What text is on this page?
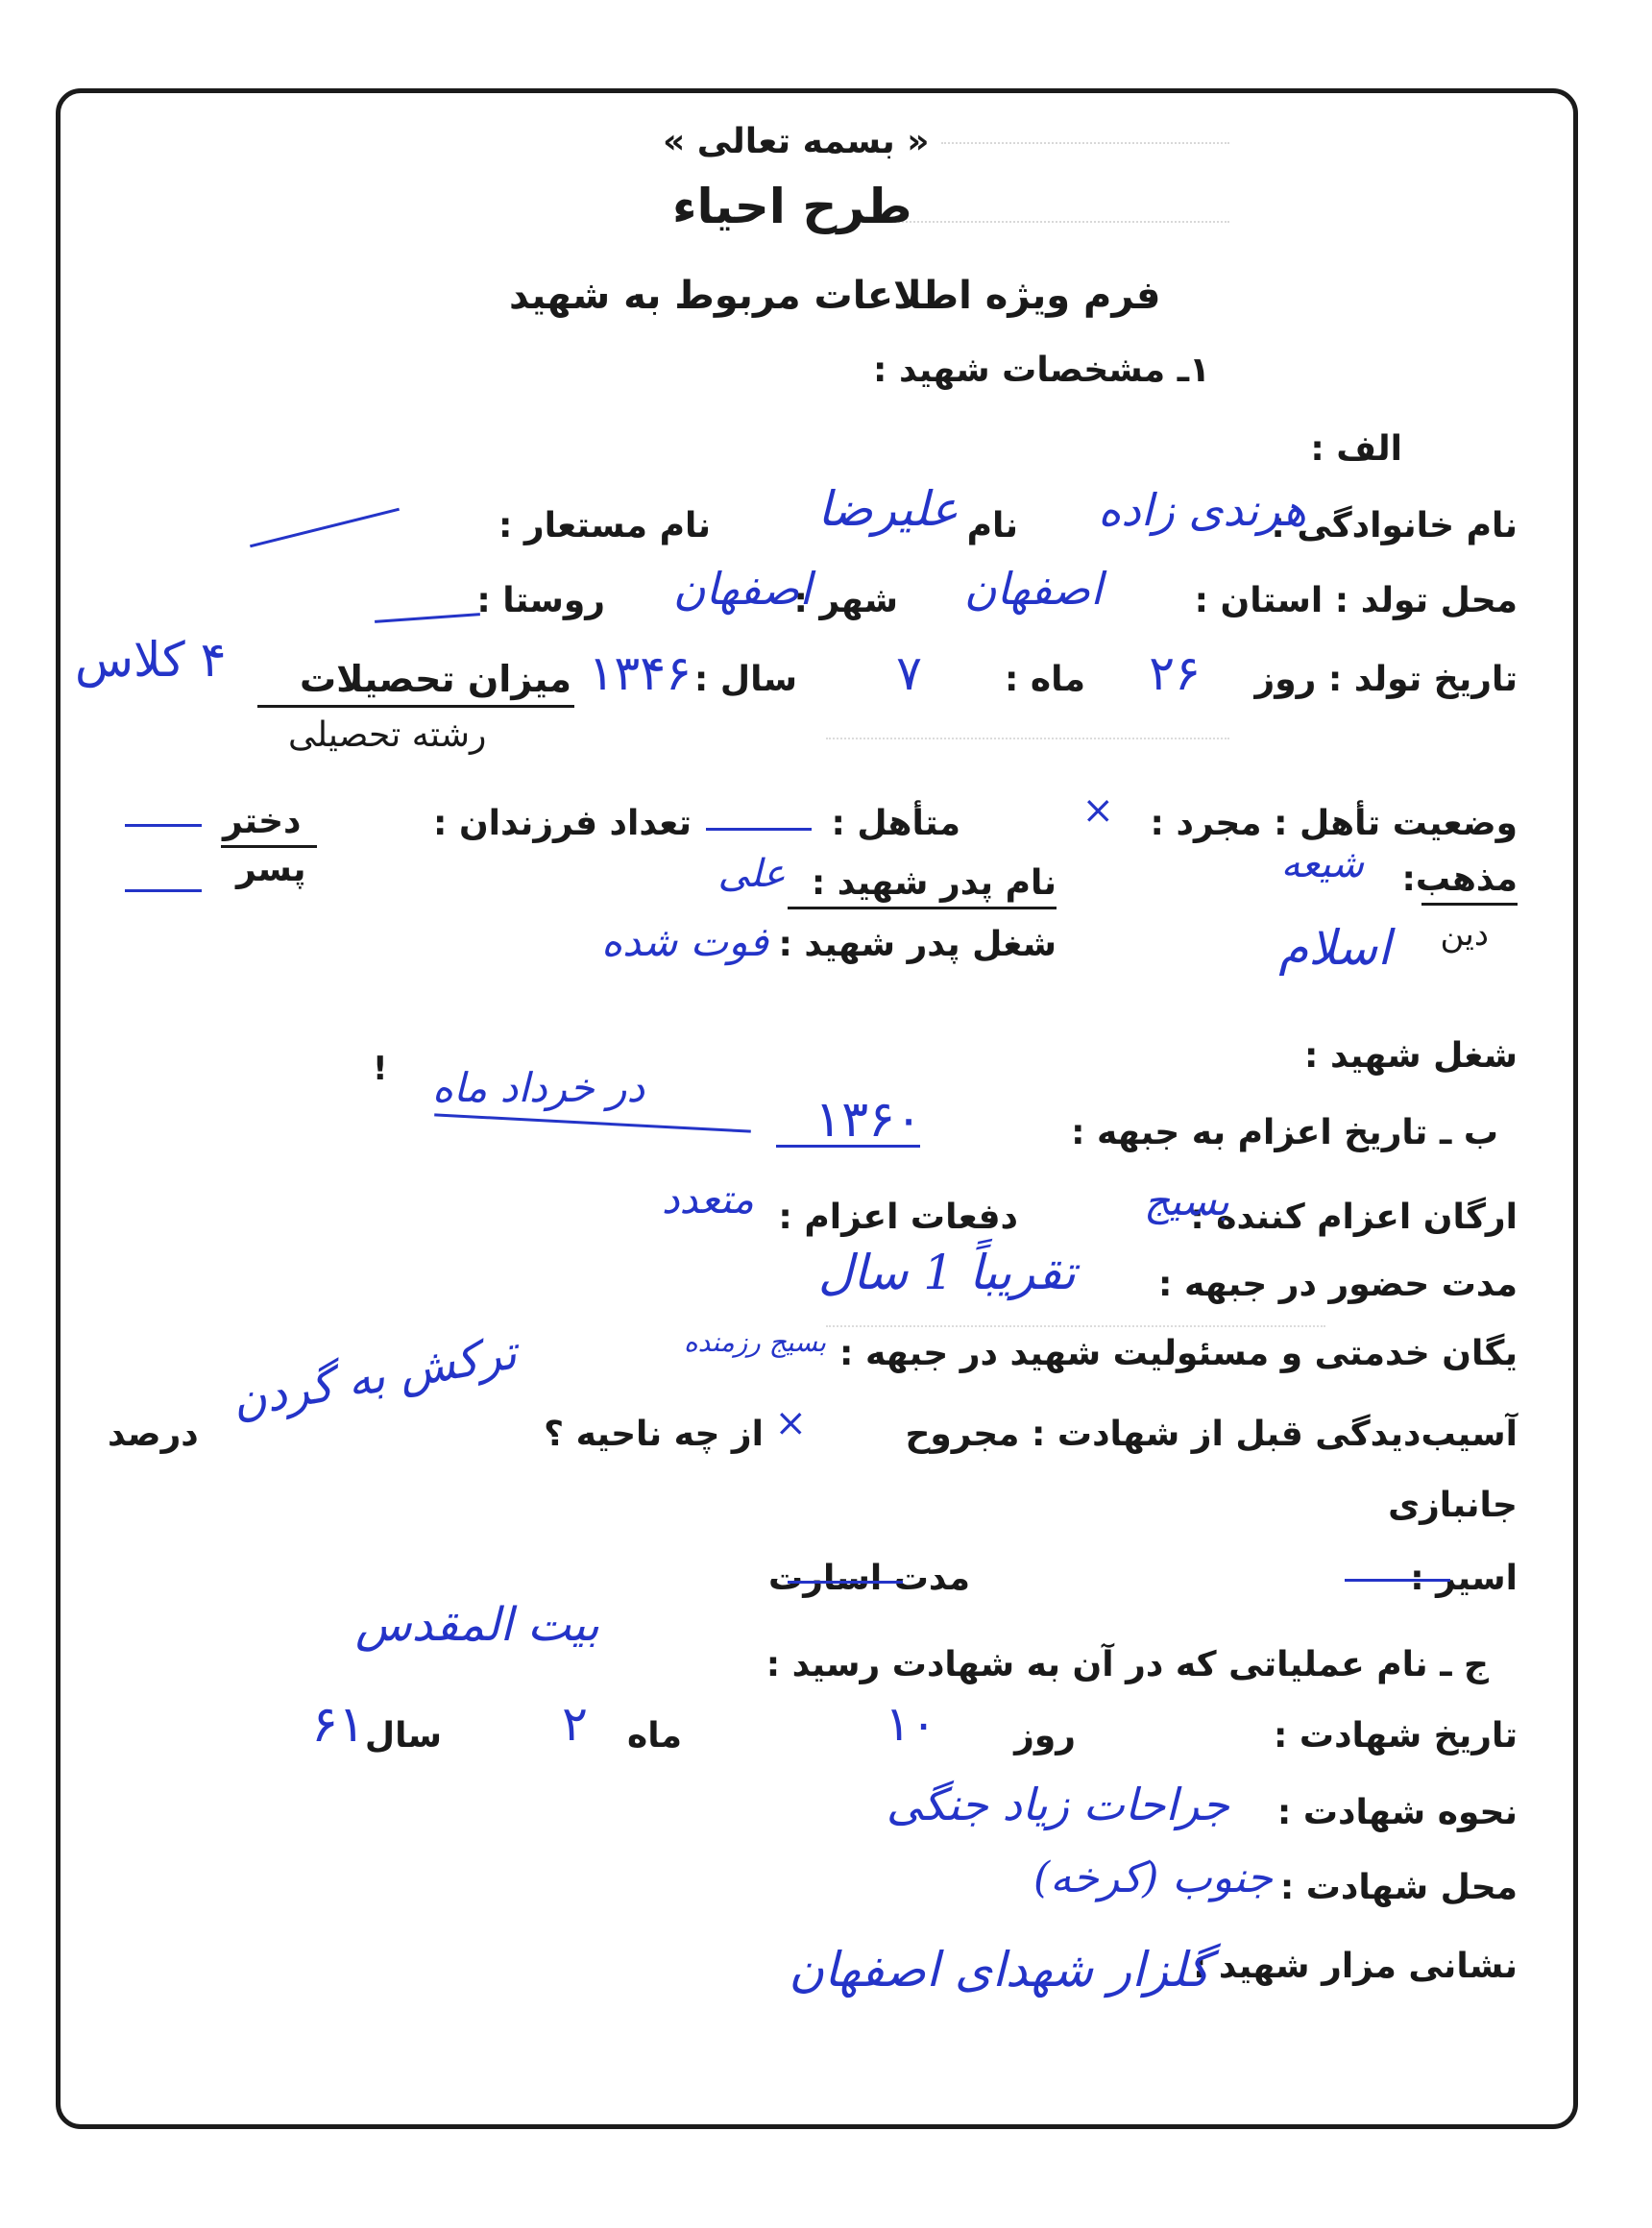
« بسمه تعالی »
طرح احیاء
فرم ویژه اطلاعات مربوط به شهید
۱ـ مشخصات شهید :
الف :
نام خانوادگی :
هرندی زاده
نام
علیرضا
نام مستعار :
محل تولد : استان :
اصفهان
شهر :
اصفهان
روستا :
تاریخ تولد : روز
۲۶
ماه :
۷
سال :
۱۳۴۶
میزان تحصیلات
۴ کلاس
رشته تحصیلی
وضعیت تأهل : مجرد :
×
متأهل :
تعداد فرزندان :
دختر
پسر	مذهب:
شیعه
دین
اسلام
نام پدر شهید :
علی
شغل پدر شهید :
فوت شده
شغل شهید :
! در خرداد ماه
ب ـ تاریخ اعزام به جبهه :
۱۳۶۰
ارگان اعزام کننده :
بسیج
دفعات اعزام :
متعدد
مدت حضور در جبهه :
تقریباً 1 سال
یگان خدمتی و مسئولیت شهید در جبهه :
بسیج رزمنده
ترکش به گردن
آسیب‌دیدگی قبل از شهادت : مجروح
×
از چه ناحیه ؟
درصد
جانبازی
اسیر :
مدت اسارت
بیت المقدس
ج ـ نام عملیاتی که در آن به شهادت رسید :
تاریخ شهادت :
روز
۱۰
ماه
۲
سال
۶۱
نحوه شهادت :
جراحات زیاد جنگی
محل شهادت :
جنوب (کرخه)
نشانی مزار شهید :
گلزار شهدای اصفهان
